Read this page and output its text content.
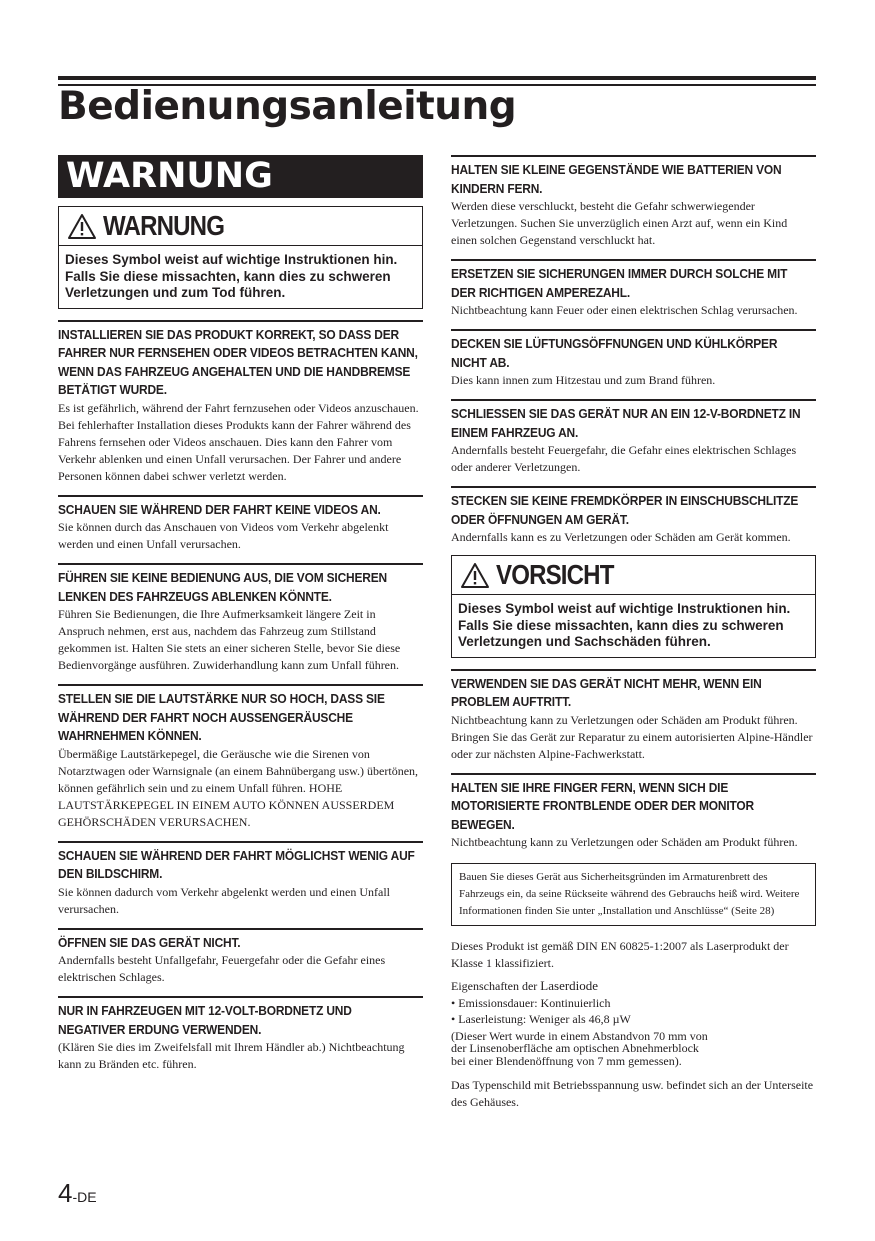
Bedienungsanleitung
WARNUNG
WARNUNG
Dieses Symbol weist auf wichtige Instruktionen hin. Falls Sie diese missachten, kann dies zu schweren Verletzungen und zum Tod führen.
INSTALLIEREN SIE DAS PRODUKT KORREKT, SO DASS DER FAHRER NUR FERNSEHEN ODER VIDEOS BETRACHTEN KANN, WENN DAS FAHRZEUG ANGEHALTEN UND DIE HANDBREMSE BETÄTIGT WURDE.
Es ist gefährlich, während der Fahrt fernzusehen oder Videos anzuschauen. Bei fehlerhafter Installation dieses Produkts kann der Fahrer während des Fahrens fernsehen oder Videos anschauen. Dies kann den Fahrer vom Verkehr ablenken und einen Unfall verursachen. Der Fahrer und andere Personen können dabei schwer verletzt werden.
SCHAUEN SIE WÄHREND DER FAHRT KEINE VIDEOS AN.
Sie können durch das Anschauen von Videos vom Verkehr abgelenkt werden und einen Unfall verursachen.
FÜHREN SIE KEINE BEDIENUNG AUS, DIE VOM SICHEREN LENKEN DES FAHRZEUGS ABLENKEN KÖNNTE.
Führen Sie Bedienungen, die Ihre Aufmerksamkeit längere Zeit in Anspruch nehmen, erst aus, nachdem das Fahrzeug zum Stillstand gekommen ist. Halten Sie stets an einer sicheren Stelle, bevor Sie diese Bedienvorgänge ausführen. Zuwiderhandlung kann zum Unfall führen.
STELLEN SIE DIE LAUTSTÄRKE NUR SO HOCH, DASS SIE WÄHREND DER FAHRT NOCH AUSSENGERÄUSCHE WAHRNEHMEN KÖNNEN.
Übermäßige Lautstärkepegel, die Geräusche wie die Sirenen von Notarztwagen oder Warnsignale (an einem Bahnübergang usw.) übertönen, können gefährlich sein und zu einem Unfall führen. HOHE LAUTSTÄRKEPEGEL IN EINEM AUTO KÖNNEN AUSSERDEM GEHÖRSCHÄDEN VERURSACHEN.
SCHAUEN SIE WÄHREND DER FAHRT MÖGLICHST WENIG AUF DEN BILDSCHIRM.
Sie können dadurch vom Verkehr abgelenkt werden und einen Unfall verursachen.
ÖFFNEN SIE DAS GERÄT NICHT.
Andernfalls besteht Unfallgefahr, Feuergefahr oder die Gefahr eines elektrischen Schlages.
NUR IN FAHRZEUGEN MIT 12-VOLT-BORDNETZ UND NEGATIVER ERDUNG VERWENDEN.
(Klären Sie dies im Zweifelsfall mit Ihrem Händler ab.) Nichtbeachtung kann zu Bränden etc. führen.
HALTEN SIE KLEINE GEGENSTÄNDE WIE BATTERIEN VON KINDERN FERN.
Werden diese verschluckt, besteht die Gefahr schwerwiegender Verletzungen. Suchen Sie unverzüglich einen Arzt auf, wenn ein Kind einen solchen Gegenstand verschluckt hat.
ERSETZEN SIE SICHERUNGEN IMMER DURCH SOLCHE MIT DER RICHTIGEN AMPEREZAHL.
Nichtbeachtung kann Feuer oder einen elektrischen Schlag verursachen.
DECKEN SIE LÜFTUNGSÖFFNUNGEN UND KÜHLKÖRPER NICHT AB.
Dies kann innen zum Hitzestau und zum Brand führen.
SCHLIESSEN SIE DAS GERÄT NUR AN EIN 12-V-BORDNETZ IN EINEM FAHRZEUG AN.
Andernfalls besteht Feuergefahr, die Gefahr eines elektrischen Schlages oder anderer Verletzungen.
STECKEN SIE KEINE FREMDKÖRPER IN EINSCHUBSCHLITZE ODER ÖFFNUNGEN AM GERÄT.
Andernfalls kann es zu Verletzungen oder Schäden am Gerät kommen.
VORSICHT
Dieses Symbol weist auf wichtige Instruktionen hin. Falls Sie diese missachten, kann dies zu schweren Verletzungen und Sachschäden führen.
VERWENDEN SIE DAS GERÄT NICHT MEHR, WENN EIN PROBLEM AUFTRITT.
Nichtbeachtung kann zu Verletzungen oder Schäden am Produkt führen. Bringen Sie das Gerät zur Reparatur zu einem autorisierten Alpine-Händler oder zur nächsten Alpine-Fachwerkstatt.
HALTEN SIE IHRE FINGER FERN, WENN SICH DIE MOTORISIERTE FRONTBLENDE ODER DER MONITOR BEWEGEN.
Nichtbeachtung kann zu Verletzungen oder Schäden am Produkt führen.
Bauen Sie dieses Gerät aus Sicherheitsgründen im Armaturenbrett des Fahrzeugs ein, da seine Rückseite während des Gebrauchs heiß wird. Weitere Informationen finden Sie unter „Installation und Anschlüsse“ (Seite 28)
Dieses Produkt ist gemäß DIN EN 60825-1:2007 als Laserprodukt der Klasse 1 klassifiziert.
Eigenschaften der Laserdiode
• Emissionsdauer: Kontinuierlich
• Laserleistung: Weniger als 46,8 µW
(Dieser Wert wurde in einem Abstandvon 70 mm von
der Linsenoberfläche am optischen Abnehmerblock
bei einer Blendenöffnung von 7 mm gemessen).
Das Typenschild mit Betriebsspannung usw. befindet sich an der Unterseite des Gehäuses.
4-DE
